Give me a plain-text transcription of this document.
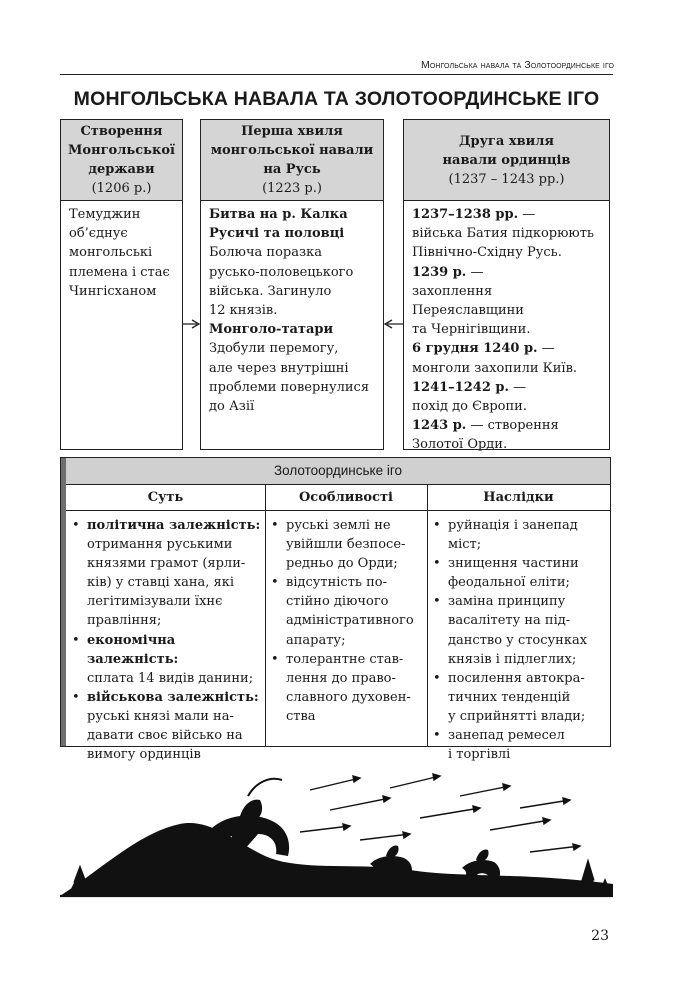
Монгольська навала та Золотоординське іго
МОНГОЛЬСЬКА НАВАЛА ТА ЗОЛОТООРДИНСЬКЕ ІГО
Створення
Монгольської
держави
(1206 р.)
Темуджин
об’єднує
монгольські
племена і стає
Чингісханом
Перша хвиля
монгольської навали
на Русь
(1223 р.)
Битва на р. Калка
Русичі та половці
Болюча поразка
русько-половецького
війська. Загинуло
12 князів.
Монголо-татари
Здобули перемогу,
але через внутрішні
проблеми повернулися
до Азії
Друга хвиля
навали ординців
(1237 – 1243 рр.)
1237–1238 рр. —
війська Батия підкорюють
Північно-Східну Русь.
1239 р. —
захоплення
Переяславщини
та Чернігівщини.
6 грудня 1240 р. —
монголи захопили Київ.
1241–1242 р. —
похід до Європи.
1243 р. — створення
Золотої Орди.
Золотоординське іго
Суть	Особливості	Наслідки
• політична залежність:
отримання руськими
князями грамот (ярли-
ків) у ставці хана, які
легітимізували їхнє
правління;
• економічна залежність:
сплата 14 видів данини;
• військова залежність:
руські князі мали на-
давати своє військо на
вимогу ординців
• руські землі не
увійшли безпосе-
редньо до Орди;
• відсутність по-
стійно діючого
адміністративного
апарату;
• толерантне став-
лення до право-
славного духовен-
ства
• руйнація і занепад
міст;
• знищення частини
феодальної еліти;
• заміна принципу
васалітету на під-
данство у стосунках
князів і підлеглих;
• посилення автокра-
тичних тенденцій
у сприйнятті влади;
• занепад ремесел
і торгівлі
23
